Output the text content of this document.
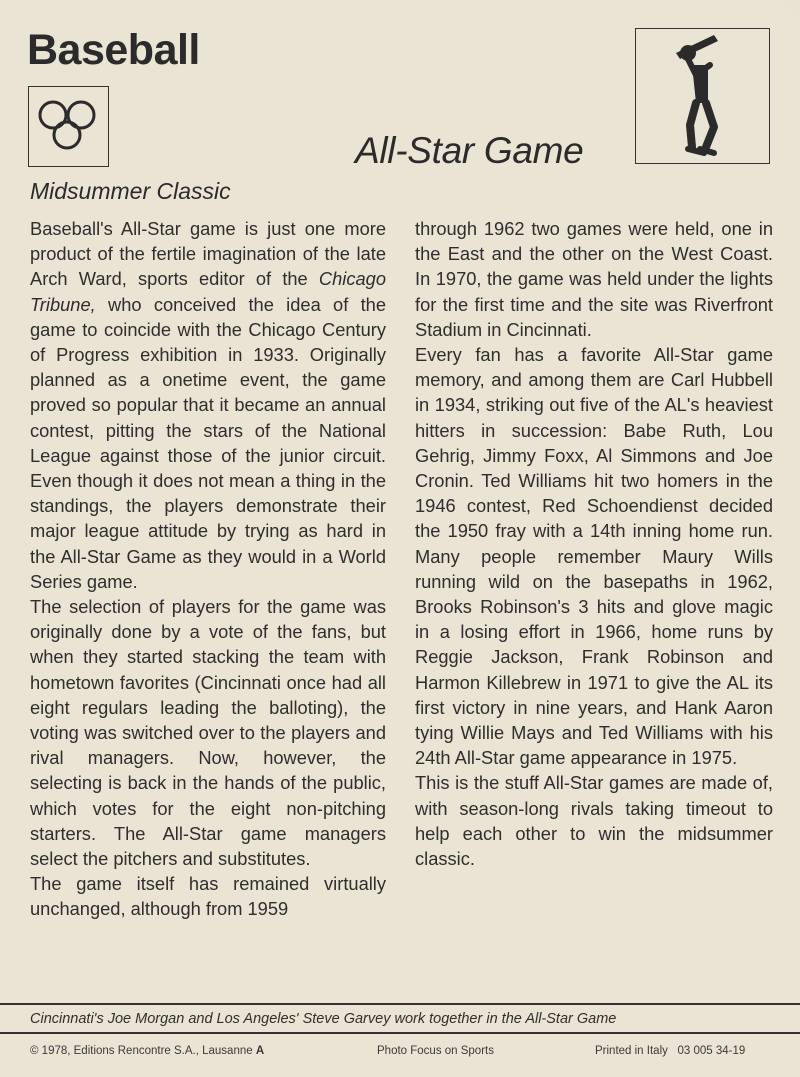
Baseball
All-Star Game
Midsummer Classic

Baseball's All-Star game is just one more product of the fertile imagination of the late Arch Ward, sports editor of the Chicago Tribune, who conceived the idea of the game to coincide with the Chicago Century of Progress exhibition in 1933. Originally planned as a onetime event, the game proved so popular that it became an annual contest, pitting the stars of the National League against those of the junior circuit. Even though it does not mean a thing in the standings, the players demonstrate their major league attitude by trying as hard in the All-Star Game as they would in a World Series game.

The selection of players for the game was originally done by a vote of the fans, but when they started stacking the team with hometown favorites (Cincinnati once had all eight regulars leading the balloting), the voting was switched over to the players and rival managers. Now, however, the selecting is back in the hands of the public, which votes for the eight non-pitching starters. The All-Star game managers select the pitchers and substitutes.

The game itself has remained virtually unchanged, although from 1959

through 1962 two games were held, one in the East and the other on the West Coast. In 1970, the game was held under the lights for the first time and the site was Riverfront Stadium in Cincinnati.

Every fan has a favorite All-Star game memory, and among them are Carl Hubbell in 1934, striking out five of the AL's heaviest hitters in succession: Babe Ruth, Lou Gehrig, Jimmy Foxx, Al Simmons and Joe Cronin. Ted Williams hit two homers in the 1946 contest, Red Schoendienst decided the 1950 fray with a 14th inning home run. Many people remember Maury Wills running wild on the basepaths in 1962, Brooks Robinson's 3 hits and glove magic in a losing effort in 1966, home runs by Reggie Jackson, Frank Robinson and Harmon Killebrew in 1971 to give the AL its first victory in nine years, and Hank Aaron tying Willie Mays and Ted Williams with his 24th All-Star game appearance in 1975.

This is the stuff All-Star games are made of, with season-long rivals taking timeout to help each other to win the midsummer classic.

Cincinnati's Joe Morgan and Los Angeles' Steve Garvey work together in the All-Star Game
© 1978, Editions Rencontre S.A., Lausanne A	Photo Focus on Sports	Printed in Italy   03 005 34-19
